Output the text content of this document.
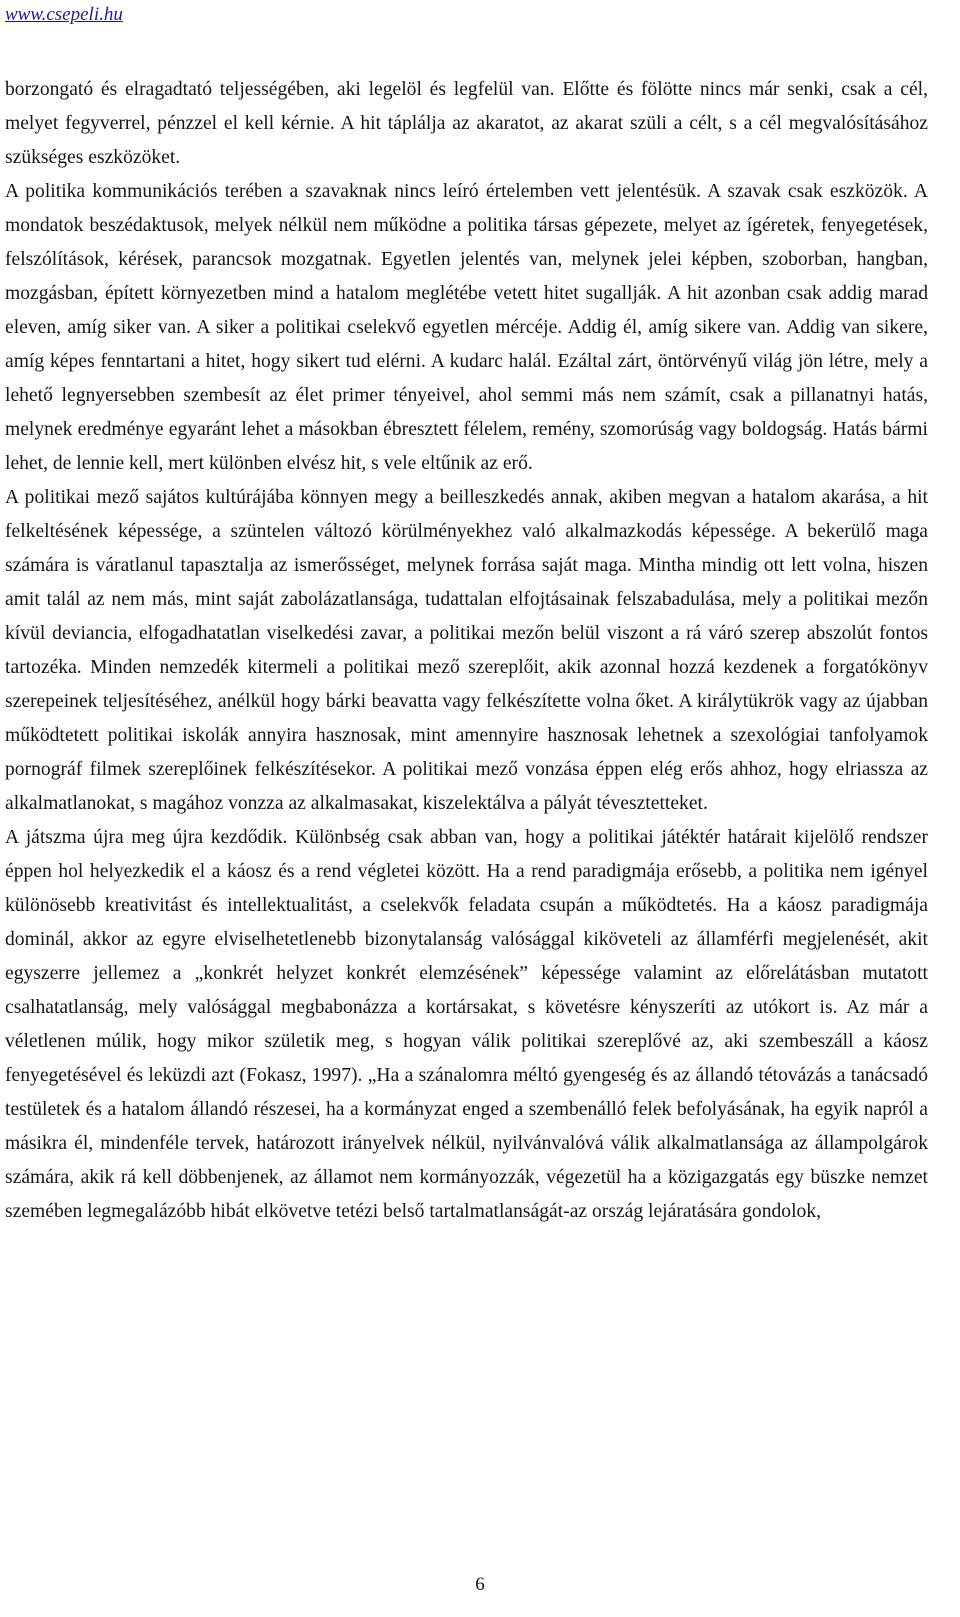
www.csepeli.hu

borzongató és elragadtató teljességében, aki legelöl és legfelül van. Előtte és fölötte nincs már senki, csak a cél, melyet fegyverrel, pénzzel el kell kérnie. A hit táplálja az akaratot, az akarat szüli a célt, s a cél megvalósításához szükséges eszközöket.

A politika kommunikációs terében a szavaknak nincs leíró értelemben vett jelentésük. A szavak csak eszközök. A mondatok beszédaktusok, melyek nélkül nem működne a politika társas gépezete, melyet az ígéretek, fenyegetések, felszólítások, kérések, parancsok mozgatnak. Egyetlen jelentés van, melynek jelei képben, szoborban, hangban, mozgásban, épített környezetben mind a hatalom meglétébe vetett hitet sugallják. A hit azonban csak addig marad eleven, amíg siker van. A siker a politikai cselekvő egyetlen mércéje. Addig él, amíg sikere van. Addig van sikere, amíg képes fenntartani a hitet, hogy sikert tud elérni. A kudarc halál. Ezáltal zárt, öntörvényű világ jön létre, mely a lehető legnyersebben szembesít az élet primer tényeivel, ahol semmi más nem számít, csak a pillanatnyi hatás, melynek eredménye egyaránt lehet a másokban ébresztett félelem, remény, szomorúság vagy boldogság. Hatás bármi lehet, de lennie kell, mert különben elvész hit, s vele eltűnik az erő.

A politikai mező sajátos kultúrájába könnyen megy a beilleszkedés annak, akiben megvan a hatalom akarása, a hit felkeltésének képessége, a szüntelen változó körülményekhez való alkalmazkodás képessége. A bekerülő maga számára is váratlanul tapasztalja az ismerősséget, melynek forrása saját maga. Mintha mindig ott lett volna, hiszen amit talál az nem más, mint saját zabolázatlansága, tudattalan elfojtásainak felszabadulása, mely a politikai mezőn kívül deviancia, elfogadhatatlan viselkedési zavar, a politikai mezőn belül viszont a rá váró szerep abszolút fontos tartozéka. Minden nemzedék kitermeli a politikai mező szereplőit, akik azonnal hozzá kezdenek a forgatókönyv szerepeinek teljesítéséhez, anélkül hogy bárki beavatta vagy felkészítette volna őket. A királytükrök vagy az újabban működtetett politikai iskolák annyira hasznosak, mint amennyire hasznosak lehetnek a szexológiai tanfolyamok pornográf filmek szereplőinek felkészítésekor. A politikai mező vonzása éppen elég erős ahhoz, hogy elriassza az alkalmatlanokat, s magához vonzza az alkalmasakat, kiszelektálva a pályát tévesztetteket.

A játszma újra meg újra kezdődik. Különbség csak abban van, hogy a politikai játéktér határait kijelölő rendszer éppen hol helyezkedik el a káosz és a rend végletei között. Ha a rend paradigmája erősebb, a politika nem igényel különösebb kreativitást és intellektualitást, a cselekvők feladata csupán a működtetés. Ha a káosz paradigmája dominál, akkor az egyre elviselhetetlenebb bizonytalanság valósággal kiköveteli az államférfi megjelenését, akit egyszerre jellemez a „konkrét helyzet konkrét elemzésének” képessége valamint az előrelátásban mutatott csalhatatlanság, mely valósággal megbabonázza a kortársakat, s követésre kényszeríti az utókort is. Az már a véletlenen múlik, hogy mikor születik meg, s hogyan válik politikai szereplővé az, aki szembeszáll a káosz fenyegetésével és leküzdi azt (Fokasz, 1997). „Ha a szánalomra méltó gyengeség és az állandó tétovázás a tanácsadó testületek és a hatalom állandó részesei, ha a kormányzat enged a szembenálló felek befolyásának, ha egyik napról a másikra él, mindenféle tervek, határozott irányelvek nélkül, nyilvánvalóvá válik alkalmatlansága az állampolgárok számára, akik rá kell döbbenjenek, az államot nem kormányozzák, végezetül ha a közigazgatás egy büszke nemzet szemében legmegalázóbb hibát elkövetve tetézi belső tartalmatlanságát-az ország lejáratására gondolok,

6
